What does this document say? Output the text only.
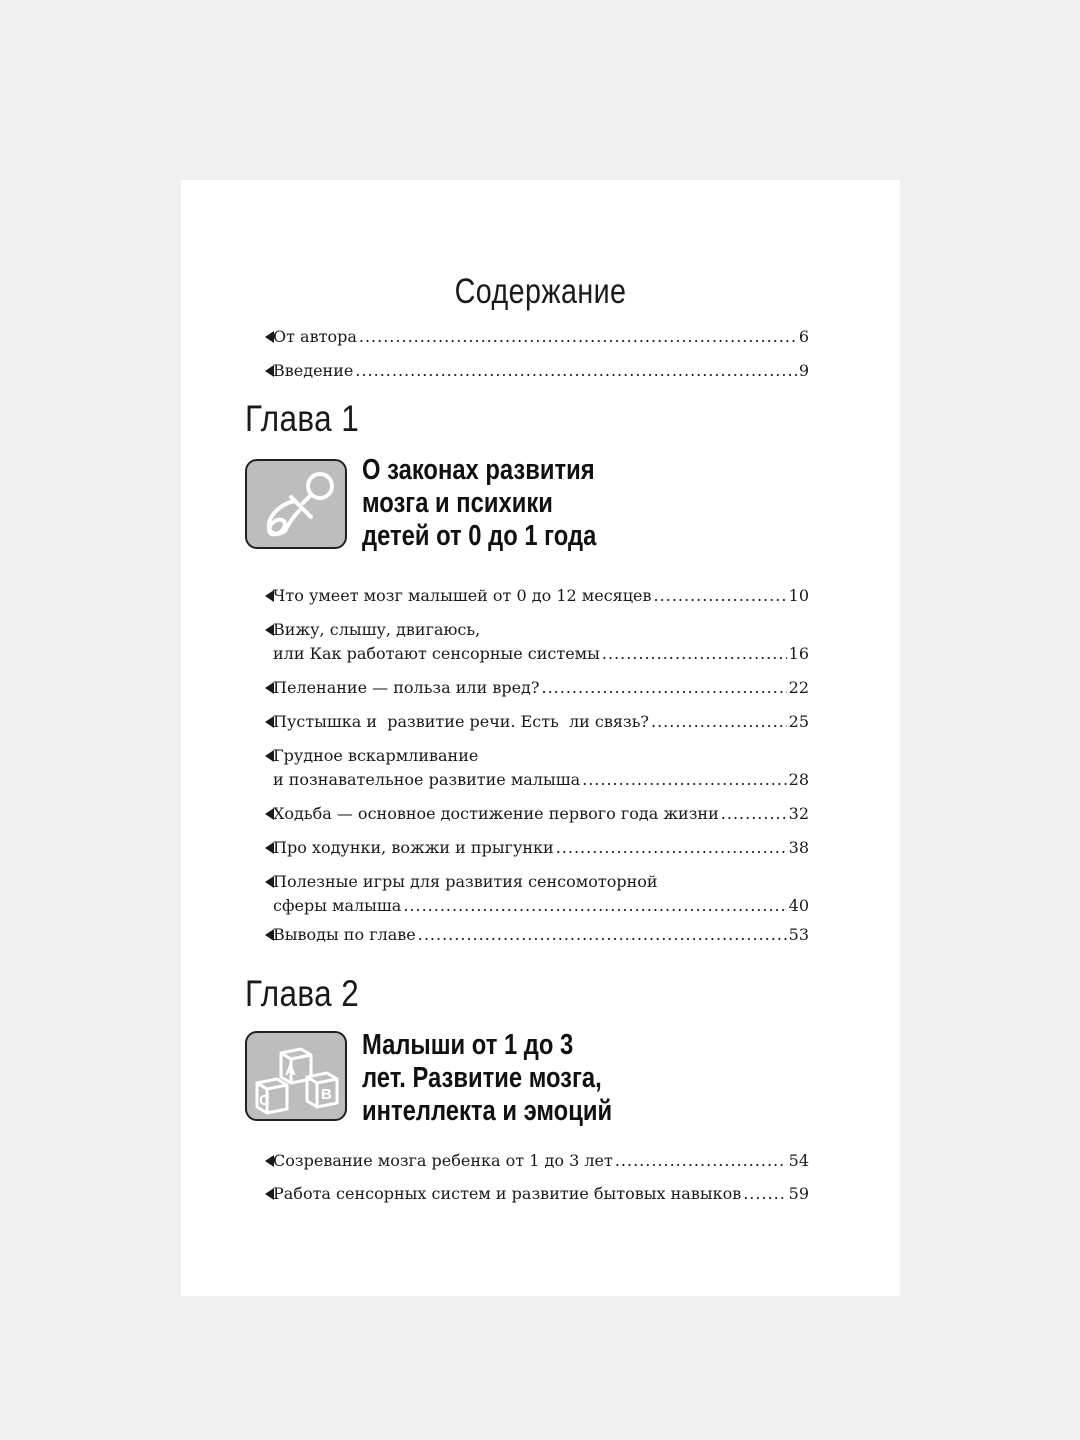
Содержание
От автора .....	6
Введение .....	9
Глава 1
О законах развития
мозга и психики
детей от 0 до 1 года
Что умеет мозг малышей от 0 до 12 месяцев .....	10
Вижу, слышу, двигаюсь,
или Как работают сенсорные системы .....	16
Пеленание — польза или вред? .....	22
Пустышка и  развитие речи. Есть  ли связь? .....	25
Грудное вскармливание
и познавательное развитие малыша .....	28
Ходьба — основное достижение первого года жизни .....	32
Про ходунки, вожжи и прыгунки .....	38
Полезные игры для развития сенсомоторной
сферы малыша .....	40
Выводы по главе .....	53
Глава 2
A
C	B
Малыши от 1 до 3
лет. Развитие мозга,
интеллекта и эмоций
Созревание мозга ребенка от 1 до 3 лет .....	54
Работа сенсорных систем и развитие бытовых навыков .....	59
